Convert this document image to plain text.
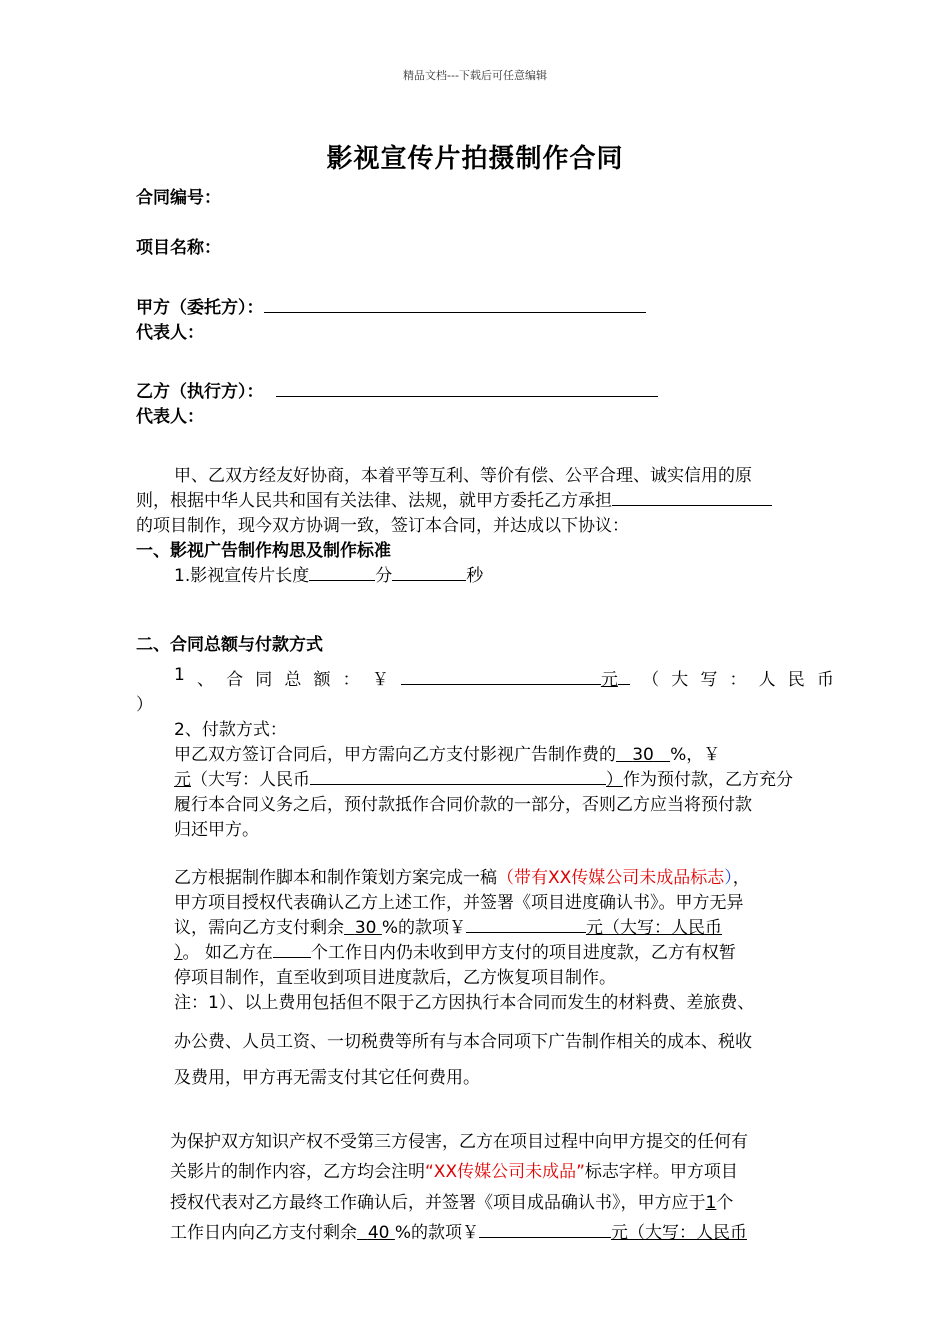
精品文档---下载后可任意编辑
影视宣传片拍摄制作合同
合同编号：
项目名称：
甲方（委托方）：
代表人：
乙方（执行方）：
代表人：
甲、乙双方经友好协商，本着平等互利、等价有偿、公平合理、诚实信用的原
则，根据中华人民共和国有关法律、法规，就甲方委托乙方承担
的项目制作，现今双方协调一致，签订本合同，并达成以下协议：
一、影视广告制作构思及制作标准
1.影视宣传片长度	分	秒
二、合同总额与付款方式
1 、 合 同 总 额 ： ￥	元	（ 大 写 ： 人 民 币
）
2、付款方式：
甲乙双方签订合同后，甲方需向乙方支付影视广告制作费的 30 %，￥
元（大写：人民币	）作为预付款，乙方充分
履行本合同义务之后，预付款抵作合同价款的一部分，否则乙方应当将预付款
归还甲方。
乙方根据制作脚本和制作策划方案完成一稿（带有XX传媒公司未成品标志），
甲方项目授权代表确认乙方上述工作，并签署《项目进度确认书》。甲方无异
议，需向乙方支付剩余 30 %的款项￥	元（大写：人民币
）。 如乙方在 个工作日内仍未收到甲方支付的项目进度款，乙方有权暂
停项目制作，直至收到项目进度款后，乙方恢复项目制作。
注：1）、以上费用包括但不限于乙方因执行本合同而发生的材料费、差旅费、
办公费、人员工资、一切税费等所有与本合同项下广告制作相关的成本、税收
及费用，甲方再无需支付其它任何费用。
为保护双方知识产权不受第三方侵害，乙方在项目过程中向甲方提交的任何有
关影片的制作内容，乙方均会注明“XX传媒公司未成品”标志字样。甲方项目
授权代表对乙方最终工作确认后，并签署《项目成品确认书》，甲方应于1个
工作日内向乙方支付剩余 40 %的款项￥	元（大写：人民币
